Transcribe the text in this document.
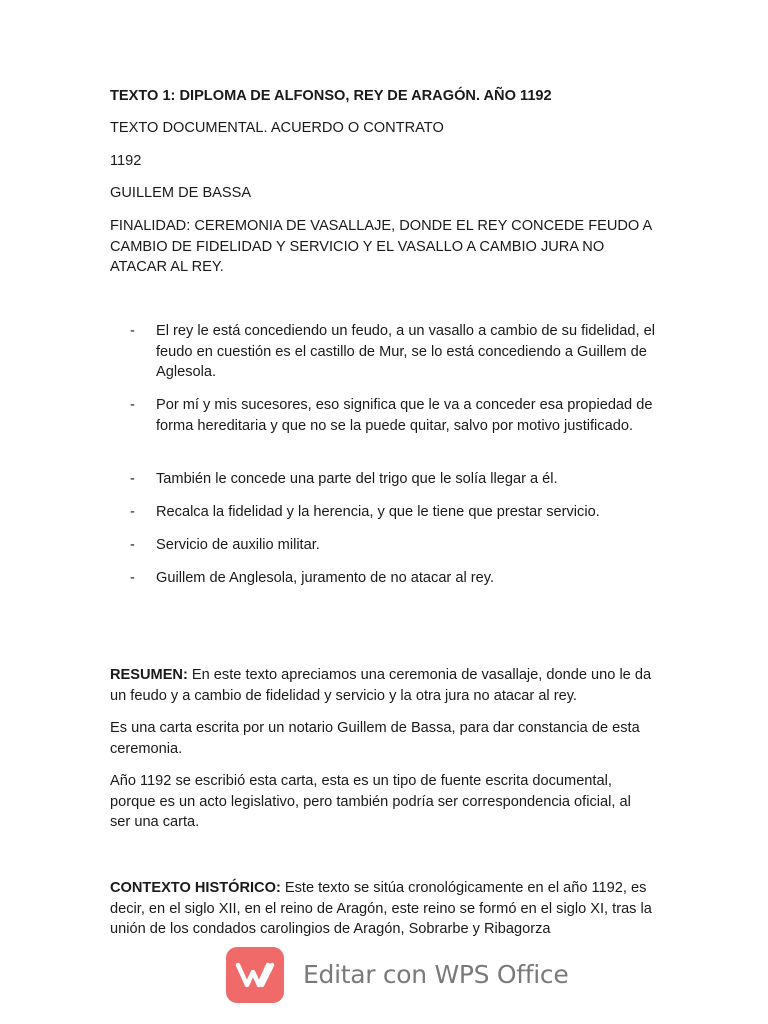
TEXTO 1: DIPLOMA DE ALFONSO, REY DE ARAGÓN. AÑO 1192

TEXTO DOCUMENTAL. ACUERDO O CONTRATO

1192

GUILLEM DE BASSA

FINALIDAD: CEREMONIA DE VASALLAJE, DONDE EL REY CONCEDE FEUDO A CAMBIO DE FIDELIDAD Y SERVICIO Y EL VASALLO A CAMBIO JURA NO ATACAR AL REY.

- El rey le está concediendo un feudo, a un vasallo a cambio de su fidelidad, el feudo en cuestión es el castillo de Mur, se lo está concediendo a Guillem de Aglesola.
- Por mí y mis sucesores, eso significa que le va a conceder esa propiedad de forma hereditaria y que no se la puede quitar, salvo por motivo justificado.
- También le concede una parte del trigo que le solía llegar a él.
- Recalca la fidelidad y la herencia, y que le tiene que prestar servicio.
- Servicio de auxilio militar.
- Guillem de Anglesola, juramento de no atacar al rey.

RESUMEN: En este texto apreciamos una ceremonia de vasallaje, donde uno le da un feudo y a cambio de fidelidad y servicio y la otra jura no atacar al rey.

Es una carta escrita por un notario Guillem de Bassa, para dar constancia de esta ceremonia.

Año 1192 se escribió esta carta, esta es un tipo de fuente escrita documental, porque es un acto legislativo, pero también podría ser correspondencia oficial, al ser una carta.

CONTEXTO HISTÓRICO: Este texto se sitúa cronológicamente en el año 1192, es decir, en el siglo XII, en el reino de Aragón, este reino se formó en el siglo XI, tras la unión de los condados carolingios de Aragón, Sobrarbe y Ribagorza

Editar con WPS Office
